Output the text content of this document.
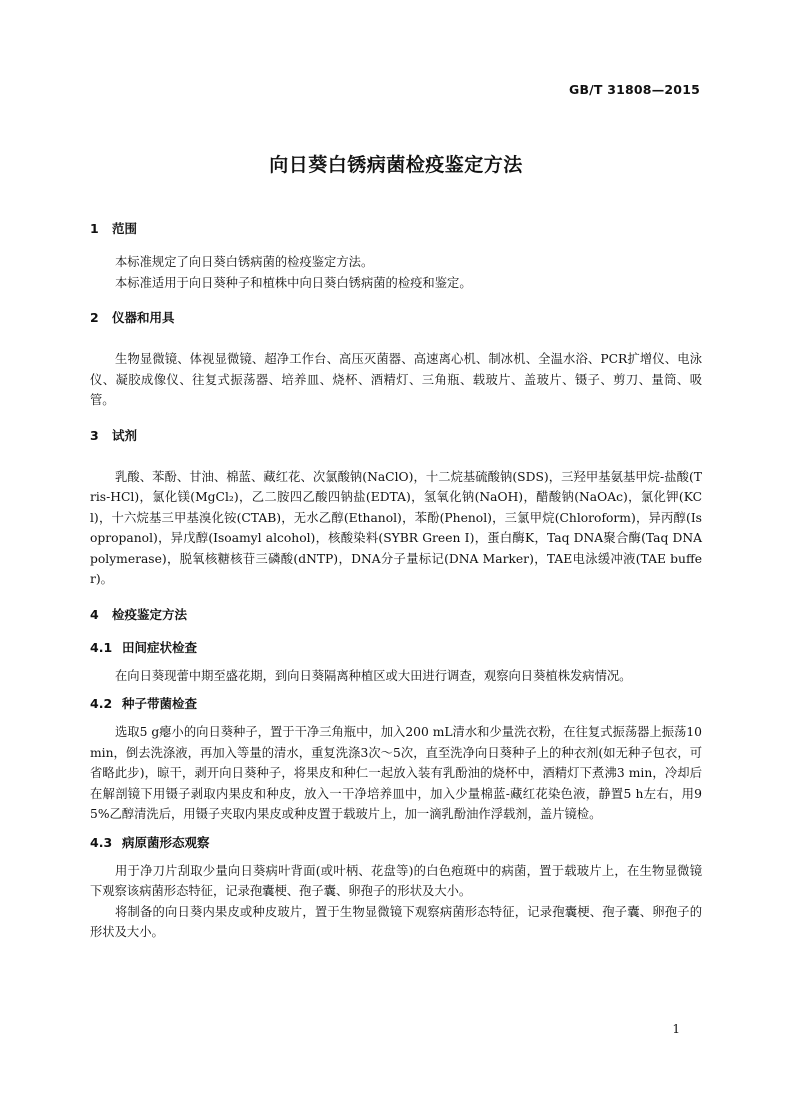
GB/T 31808—2015
向日葵白锈病菌检疫鉴定方法
1 范围

本标准规定了向日葵白锈病菌的检疫鉴定方法。

本标准适用于向日葵种子和植株中向日葵白锈病菌的检疫和鉴定。

2 仪器和用具

生物显微镜、体视显微镜、超净工作台、高压灭菌器、高速离心机、制冰机、全温水浴、PCR扩增仪、电泳仪、凝胶成像仪、往复式振荡器、培养皿、烧杯、酒精灯、三角瓶、载玻片、盖玻片、镊子、剪刀、量筒、吸管。

3 试剂

乳酸、苯酚、甘油、棉蓝、藏红花、次氯酸钠(NaClO)，十二烷基硫酸钠(SDS)，三羟甲基氨基甲烷-盐酸(Tris-HCl)，氯化镁(MgCl₂)，乙二胺四乙酸四钠盐(EDTA)，氢氧化钠(NaOH)，醋酸钠(NaOAc)，氯化钾(KCl)，十六烷基三甲基溴化铵(CTAB)，无水乙醇(Ethanol)，苯酚(Phenol)，三氯甲烷(Chloroform)，异丙醇(Isopropanol)，异戊醇(Isoamyl alcohol)，核酸染料(SYBR Green Ⅰ)，蛋白酶K，Taq DNA聚合酶(Taq DNA polymerase)，脱氧核糖核苷三磷酸(dNTP)，DNA分子量标记(DNA Marker)，TAE电泳缓冲液(TAE buffer)。

4 检疫鉴定方法
4.1 田间症状检查

在向日葵现蕾中期至盛花期，到向日葵隔离种植区或大田进行调查，观察向日葵植株发病情况。

4.2 种子带菌检查

选取5 g瘪小的向日葵种子，置于干净三角瓶中，加入200 mL清水和少量洗衣粉，在往复式振荡器上振荡10 min，倒去洗涤液，再加入等量的清水，重复洗涤3次～5次，直至洗净向日葵种子上的种衣剂(如无种子包衣，可省略此步)，晾干，剥开向日葵种子，将果皮和种仁一起放入装有乳酚油的烧杯中，酒精灯下煮沸3 min，冷却后在解剖镜下用镊子剥取内果皮和种皮，放入一干净培养皿中，加入少量棉蓝-藏红花染色液，静置5 h左右，用95%乙醇清洗后，用镊子夹取内果皮或种皮置于载玻片上，加一滴乳酚油作浮载剂，盖片镜检。

4.3 病原菌形态观察

用于净刀片刮取少量向日葵病叶背面(或叶柄、花盘等)的白色疱斑中的病菌，置于载玻片上，在生物显微镜下观察该病菌形态特征，记录孢囊梗、孢子囊、卵孢子的形状及大小。

将制备的向日葵内果皮或种皮玻片，置于生物显微镜下观察病菌形态特征，记录孢囊梗、孢子囊、卵孢子的形状及大小。

1
